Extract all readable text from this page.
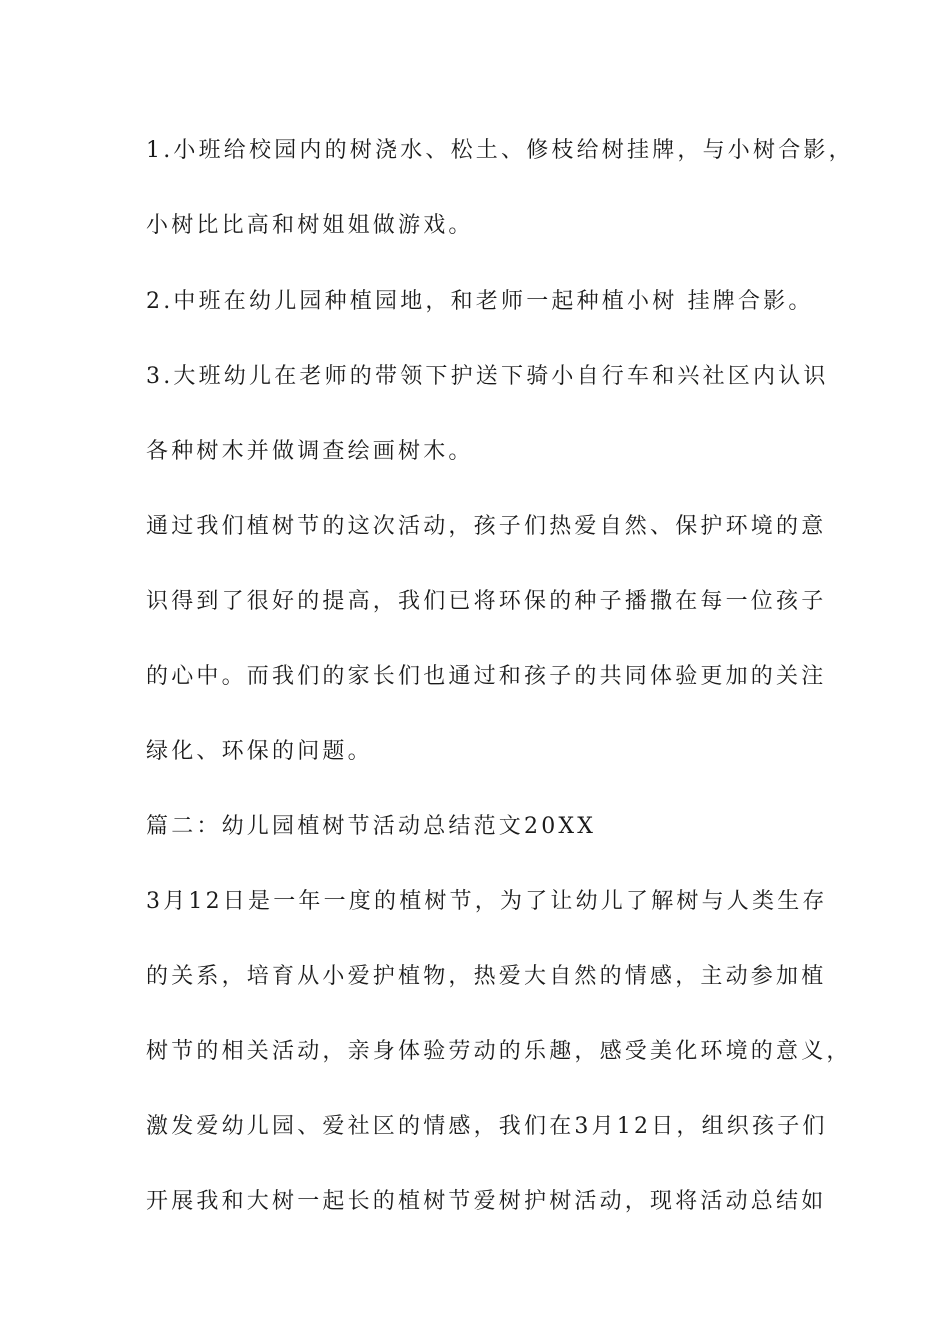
1.小班给校园内的树浇水、松土、修枝给树挂牌，与小树合影，
小树比比高和树姐姐做游戏。
2.中班在幼儿园种植园地，和老师一起种植小树 挂牌合影。
3.大班幼儿在老师的带领下护送下骑小自行车和兴社区内认识
各种树木并做调查绘画树木。
通过我们植树节的这次活动，孩子们热爱自然、保护环境的意
识得到了很好的提高，我们已将环保的种子播撒在每一位孩子
的心中。而我们的家长们也通过和孩子的共同体验更加的关注
绿化、环保的问题。
篇二：幼儿园植树节活动总结范文20XX
3月12日是一年一度的植树节，为了让幼儿了解树与人类生存
的关系，培育从小爱护植物，热爱大自然的情感，主动参加植
树节的相关活动，亲身体验劳动的乐趣，感受美化环境的意义，
激发爱幼儿园、爱社区的情感，我们在3月12日，组织孩子们
开展我和大树一起长的植树节爱树护树活动，现将活动总结如
